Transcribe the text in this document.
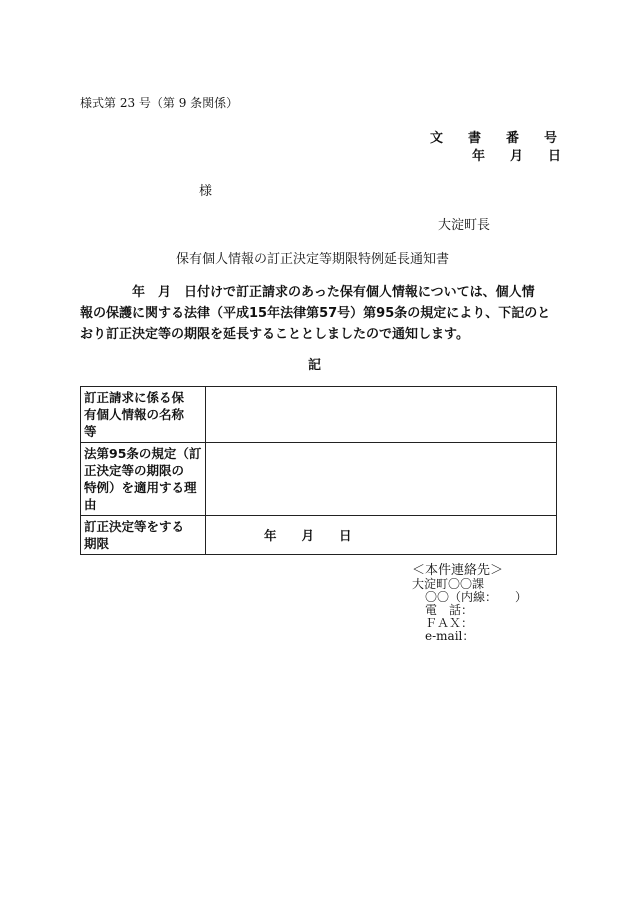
様式第 23 号（第 9 条関係）
文　書　番　号
年　月　日
様
大淀町長
保有個人情報の訂正決定等期限特例延長通知書
年　月　日付けで訂正請求のあった保有個人情報については、個人情
報の保護に関する法律（平成15年法律第57号）第95条の規定により、下記のと
おり訂正決定等の期限を延長することとしましたので通知します。
記
訂正請求に係る保
有個人情報の名称
等	

法第95条の規定（訂
正決定等の期限の
特例）を適用する理
由	

訂正決定等をする
期限	年　　月　　日
＜本件連絡先＞
大淀町〇〇課
〇〇（内線：　　）
電　話：
ＦＡＸ：
e-mail：
